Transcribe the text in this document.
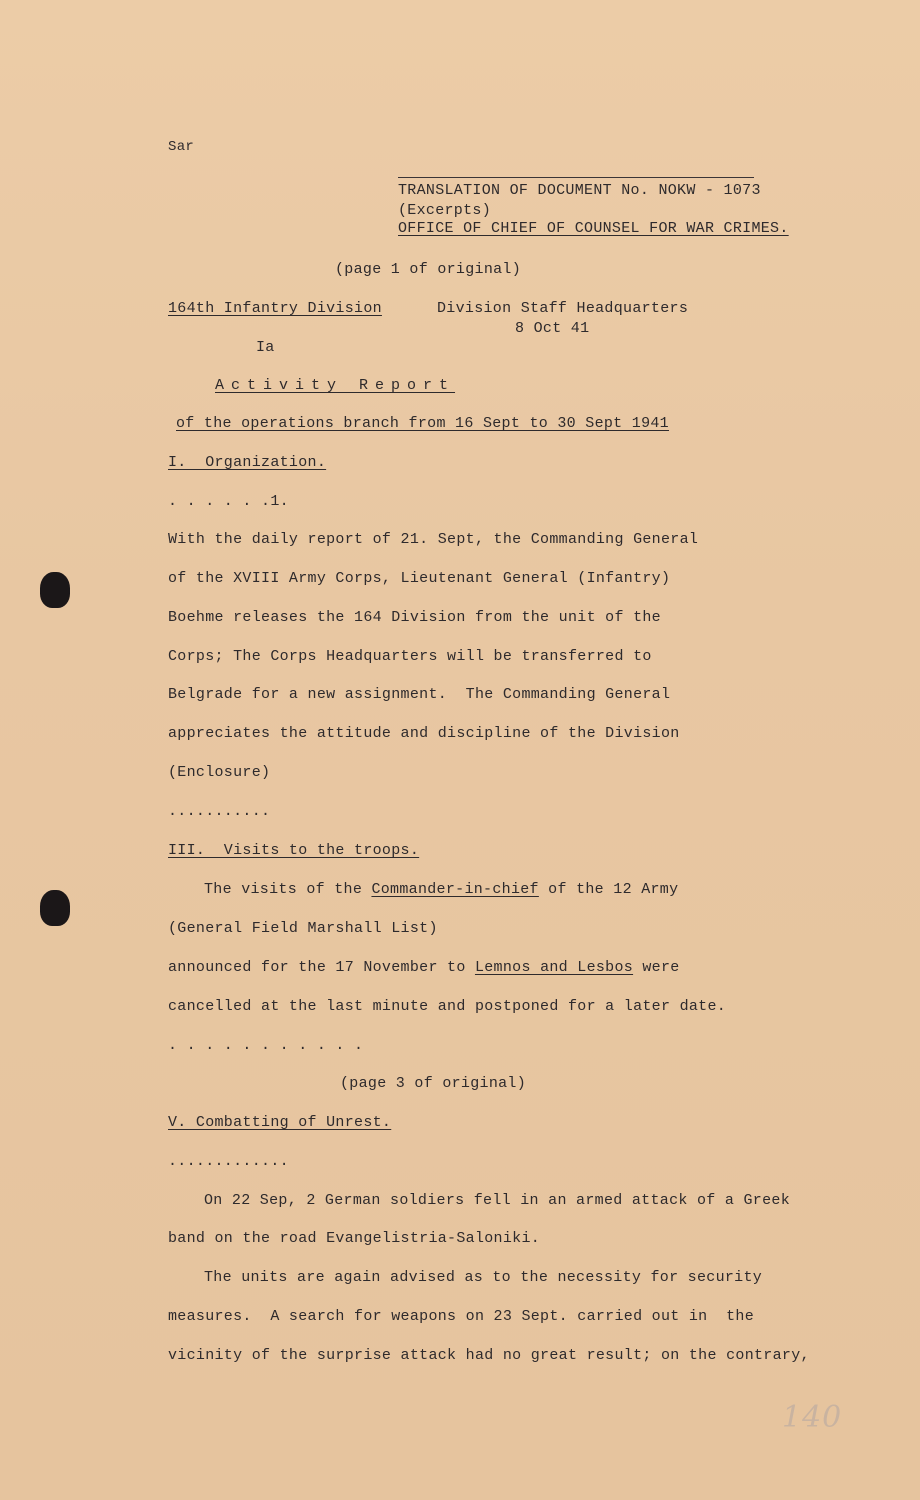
Sar
TRANSLATION OF DOCUMENT No. NOKW - 1073
(Excerpts)
OFFICE OF CHIEF OF COUNSEL FOR WAR CRIMES.
(page 1 of original)
164th Infantry Division	Division Staff Headquarters
8 Oct 41
Ia
Activity Report
of the operations branch from 16 Sept to 30 Sept 1941
I.  Organization.
. . . . . .1.
With the daily report of 21. Sept, the Commanding General
of the XVIII Army Corps, Lieutenant General (Infantry)
Boehme releases the 164 Division from the unit of the
Corps; The Corps Headquarters will be transferred to
Belgrade for a new assignment.  The Commanding General
appreciates the attitude and discipline of the Division
(Enclosure)
...........
III.  Visits to the troops.
The visits of the Commander-in-chief of the 12 Army
(General Field Marshall List)
announced for the 17 November to Lemnos and Lesbos were
cancelled at the last minute and postponed for a later date.
. . . . . . . . . . .
(page 3 of original)
V. Combatting of Unrest.
.............
On 22 Sep, 2 German soldiers fell in an armed attack of a Greek
band on the road Evangelistria-Saloniki.
The units are again advised as to the necessity for security
measures.  A search for weapons on 23 Sept. carried out in  the
vicinity of the surprise attack had no great result; on the contrary,
140
